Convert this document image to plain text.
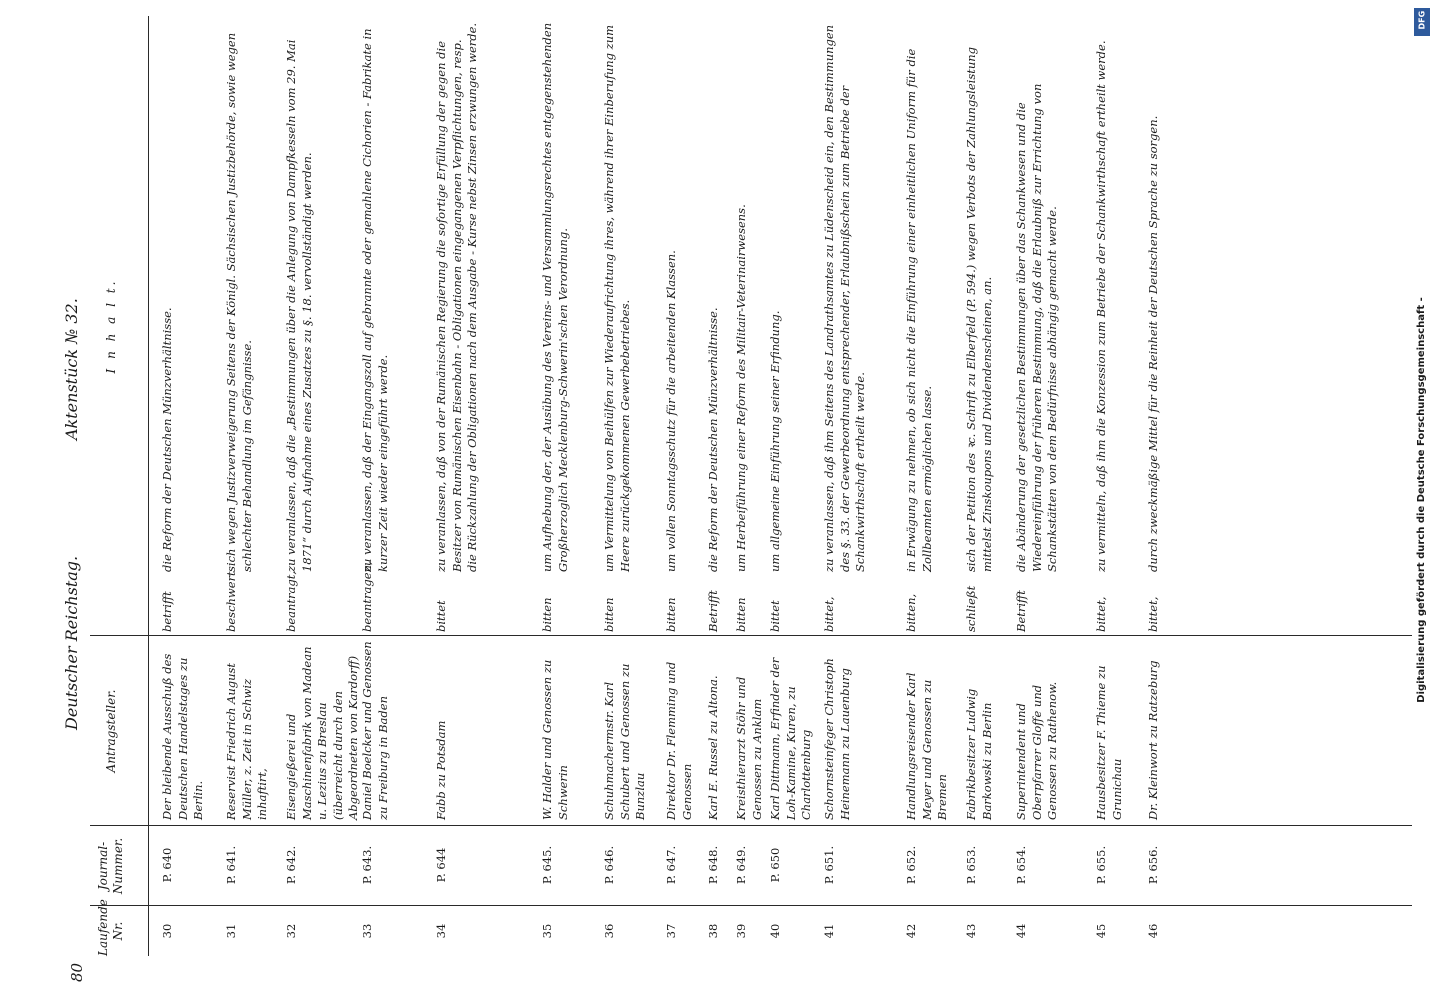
80
Deutscher Reichstag.
Aktenstück № 32.
Laufende Nr.
Journal-Nummer.
Antragsteller.
I n h a l t.
30
P. 640
Der bleibende Ausschuß des Deutschen Handelstages zu Berlin.
betrifft
die Reform der Deutschen Münzverhältnisse.
31
P. 641.
Reservist Friedrich August Müller, z. Zeit in Schwiz inhaftirt,
beschwert
sich wegen Justizverweigerung Seitens der Königl. Sächsischen Justizbehörde, sowie wegen schlechter Behandlung im Gefängnisse.
32
P. 642.
Eisengießerei und Maschinenfabrik von Madean u. Lezius zu Breslau (überreicht durch den Abgeordneten von Kardorff)
beantragt,
zu veranlassen, daß die „Bestimmungen über die Anlegung von Dampfkesseln vom 29. Mai 1871“ durch Aufnahme eines Zusatzes zu §. 18. vervollständigt werden.
33
P. 643.
Daniel Boelcker und Genossen zu Freiburg in Baden
beantragen,
zu veranlassen, daß der Eingangszoll auf gebrannte oder gemahlene Cichorien - Fabrikate in kurzer Zeit wieder eingeführt werde.
34
P. 644
Fabb zu Potsdam
bittet
zu veranlassen, daß von der Rumänischen Regierung die sofortige Erfüllung der gegen die Besitzer von Rumänischen Eisenbahn - Obligationen eingegangenen Verpflichtungen, resp. die Rückzahlung der Obligationen nach dem Ausgabe - Kurse nebst Zinsen erzwungen werde.
35
P. 645.
W. Halder und Genossen zu Schwerin
bitten
um Aufhebung der, der Ausübung des Vereins- und Versammlungsrechtes entgegenstehenden Großherzoglich Mecklenburg-Schwerin'schen Verordnung.
36
P. 646.
Schuhmachermstr. Karl Schubert und Genossen zu Bunzlau
bitten
um Vermittelung von Beihülfen zur Wiederaufrichtung ihres, während ihrer Einberufung zum Heere zurückgekommenen Gewerbebetriebes.
37
P. 647.
Direktor Dr. Flemming und Genossen
bitten
um vollen Sonntagsschutz für die arbeitenden Klassen.
38
P. 648.
Karl E. Russel zu Altona.
Betrifft
die Reform der Deutschen Münzverhältnisse.
39
P. 649.
Kreisthierarzt Stöhr und Genossen zu Anklam
bitten
um Herbeiführung einer Reform des Militair-Veterinairwesens.
40
P. 650
Karl Dittmann, Erfinder der Loh-Kamine, Kuren, zu Charlottenburg
bittet
um allgemeine Einführung seiner Erfindung.
41
P. 651.
Schornsteinfeger Christoph Heinemann zu Lauenburg
bittet,
zu veranlassen, daß ihm Seitens des Landrathsamtes zu Lüdenscheid ein, den Bestimmungen des §. 33. der Gewerbeordnung entsprechender, Erlaubnißschein zum Betriebe der Schankwirthschaft ertheilt werde.
42
P. 652.
Handlungsreisender Karl Meyer und Genossen zu Bremen
bitten,
in Erwägung zu nehmen, ob sich nicht die Einführung einer einheitlichen Uniform für die Zollbeamten ermöglichen lasse.
43
P. 653.
Fabrikbesitzer Ludwig Barkowski zu Berlin
schließt
sich der Petition des ꝛc. Schrift zu Elberfeld (P. 594.) wegen Verbots der Zahlungsleistung mittelst Zinskoupons und Dividendenscheinen, an.
44
P. 654.
Superintendent und Oberpfarrer Gloffe und Genossen zu Rathenow.
Betrifft
die Abänderung der gesetzlichen Bestimmungen über das Schankwesen und die Wiedereinführung der früheren Bestimmung, daß die Erlaubniß zur Errichtung von Schankstätten von dem Bedürfnisse abhängig gemacht werde.
45
P. 655.
Hausbesitzer F. Thieme zu Grunichau
bittet,
zu vermitteln, daß ihm die Konzession zum Betriebe der Schankwirthschaft ertheilt werde.
46
P. 656.
Dr. Kleinwort zu Ratzeburg
bittet,
durch zweckmäßige Mittel für die Reinheit der Deutschen Sprache zu sorgen.	Digitalisierung gefördert durch die Deutsche Forschungsgemeinschaft -
DFG
